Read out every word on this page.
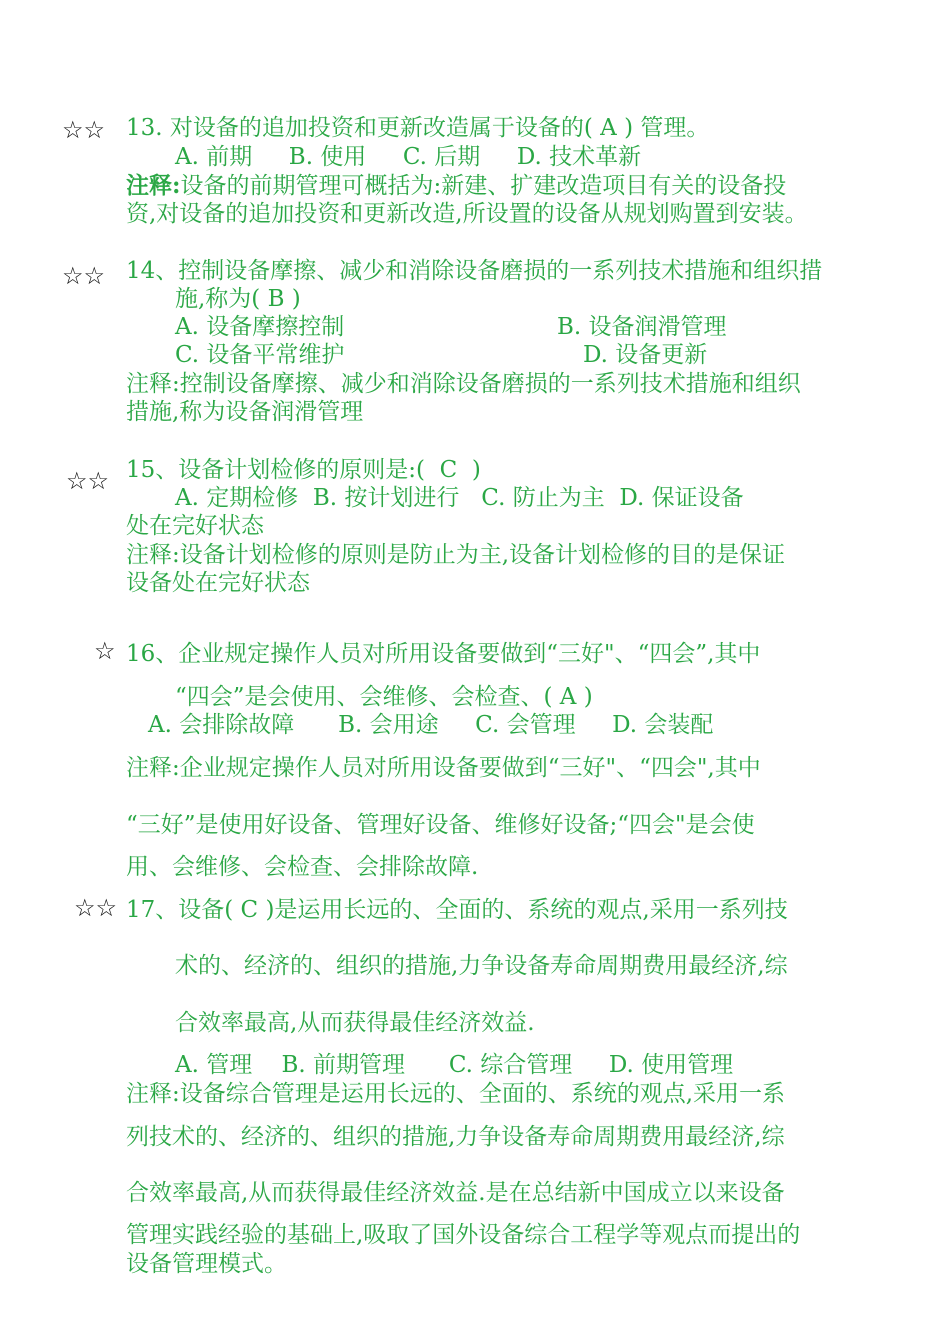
☆☆ 13. 对设备的追加投资和更新改造属于设备的( A ) 管理。
A. 前期     B. 使用     C. 后期     D. 技术革新
注释:设备的前期管理可概括为:新建、扩建改造项目有关的设备投
资,对设备的追加投资和更新改造,所设置的设备从规划购置到安装。
☆☆ 14、控制设备摩擦、减少和消除设备磨损的一系列技术措施和组织措
施,称为( B )
A. 设备摩擦控制	B. 设备润滑管理
C. 设备平常维护	D. 设备更新
注释:控制设备摩擦、减少和消除设备磨损的一系列技术措施和组织
措施,称为设备润滑管理
☆☆ 15、设备计划检修的原则是:(  C  )
A. 定期检修  B. 按计划进行   C. 防止为主  D. 保证设备
处在完好状态
注释:设备计划检修的原则是防止为主,设备计划检修的目的是保证
设备处在完好状态
☆ 16、企业规定操作人员对所用设备要做到“三好"、“四会”,其中
“四会”是会使用、会维修、会检查、( A )
A. 会排除故障      B. 会用途     C. 会管理     D. 会装配
注释:企业规定操作人员对所用设备要做到“三好"、“四会",其中
“三好”是使用好设备、管理好设备、维修好设备;“四会"是会使
用、会维修、会检查、会排除故障.
☆☆ 17、设备( C )是运用长远的、全面的、系统的观点,采用一系列技
术的、经济的、组织的措施,力争设备寿命周期费用最经济,综
合效率最高,从而获得最佳经济效益.
A. 管理    B. 前期管理      C. 综合管理     D. 使用管理
注释:设备综合管理是运用长远的、全面的、系统的观点,采用一系
列技术的、经济的、组织的措施,力争设备寿命周期费用最经济,综
合效率最高,从而获得最佳经济效益.是在总结新中国成立以来设备
管理实践经验的基础上,吸取了国外设备综合工程学等观点而提出的
设备管理模式。
